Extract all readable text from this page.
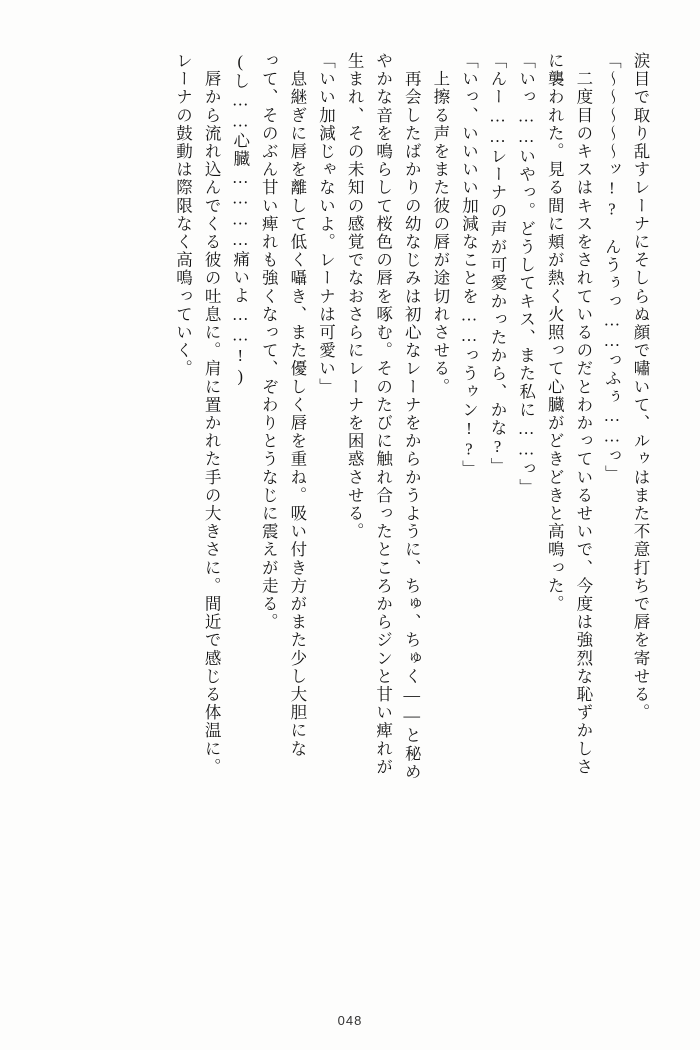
涙目で取り乱すレーナにそしらぬ顔で嘯いて、ルゥはまた不意打ちで唇を寄せる。
「〜〜〜〜〜ッ!?　んうぅっ……っふぅ……っ」
　二度目のキスはキスをされているのだとわかっているせいで、今度は強烈な恥ずかしさ
に襲われた。見る間に頬が熱く火照って心臓がどきどきと高鳴った。
「いっ……いやっ。どうしてキス、また私に……っ」
「んー……レーナの声が可愛かったから、かな?」
「いっ、いいいい加減なことを……っうゥン!?」
　上擦る声をまた彼の唇が途切れさせる。
　再会したばかりの幼なじみは初心なレーナをからかうように、ちゅ、ちゅく——と秘め
やかな音を鳴らして桜色の唇を啄む。そのたびに触れ合ったところからジンと甘い痺れが
生まれ、その未知の感覚でなおさらにレーナを困惑させる。
「いい加減じゃないよ。レーナは可愛い」
　息継ぎに唇を離して低く囁き、また優しく唇を重ね。吸い付き方がまた少し大胆にな
って、そのぶん甘い痺れも強くなって、ぞわりとうなじに震えが走る。
(し……心臓…………痛いよ……!)
　唇から流れ込んでくる彼の吐息に。肩に置かれた手の大きさに。間近で感じる体温に。
レーナの鼓動は際限なく高鳴っていく。
048
